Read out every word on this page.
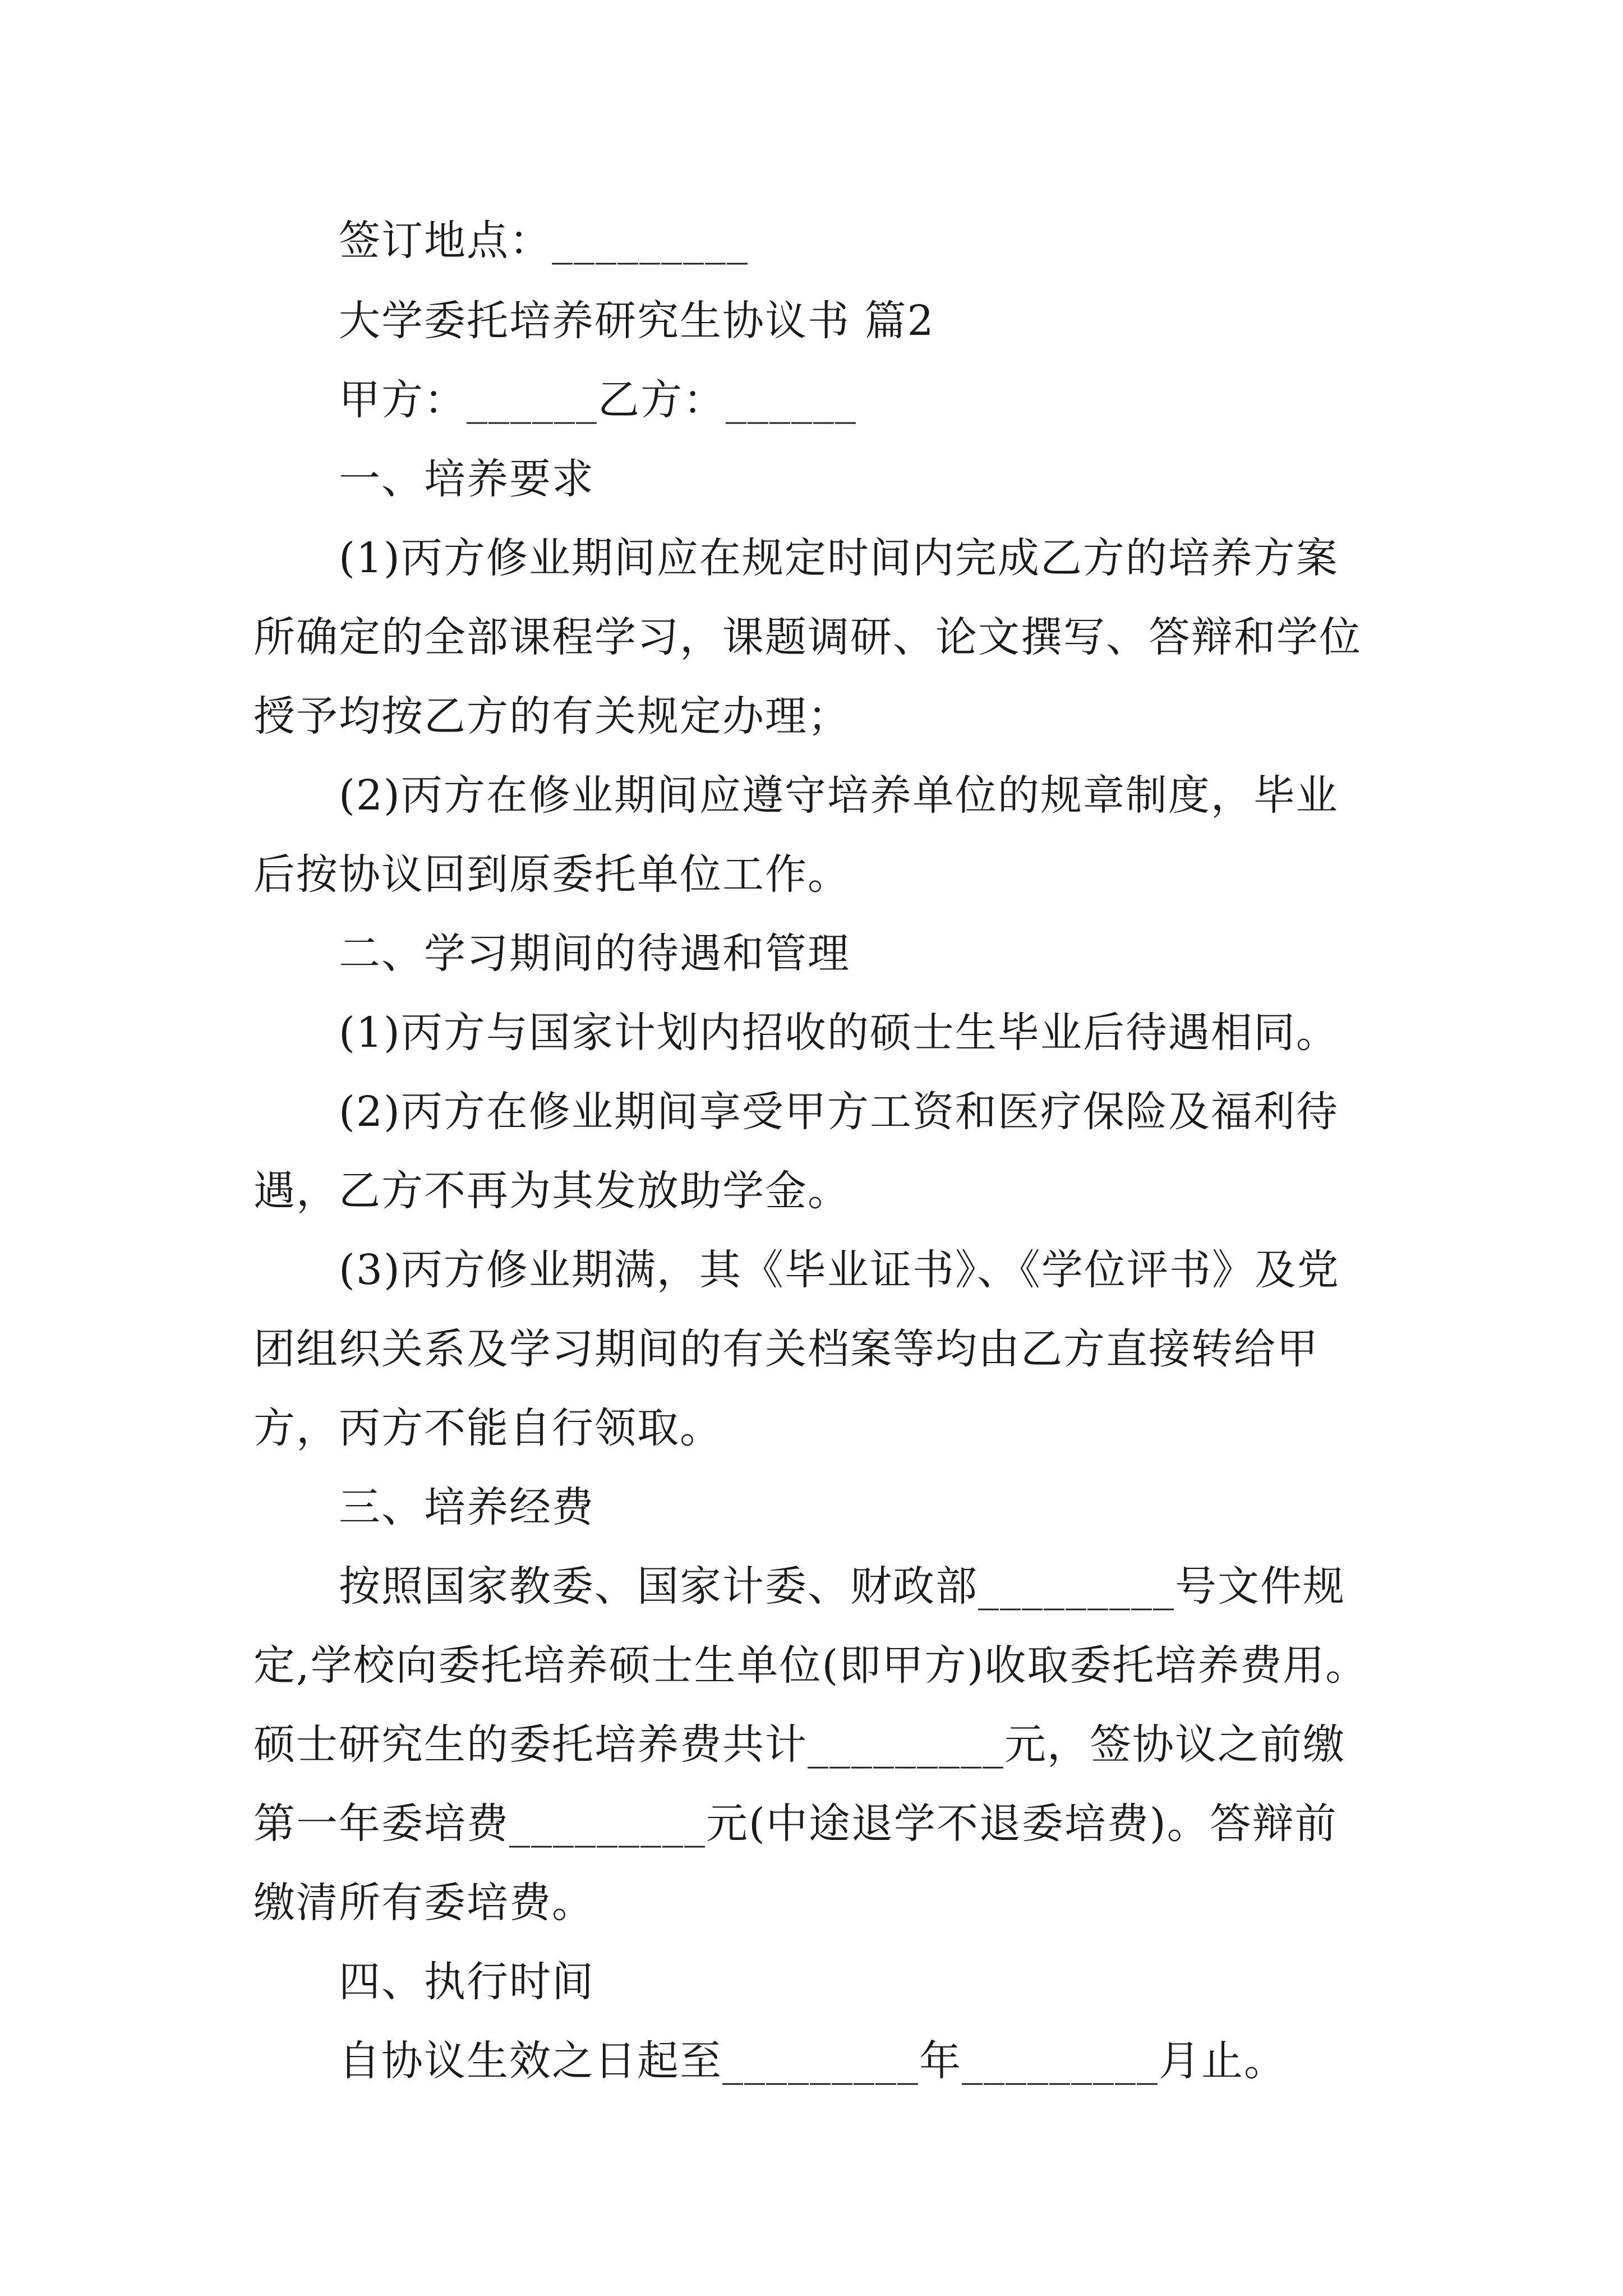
签订地点：_________
大学委托培养研究生协议书 篇2
甲方：______乙方：______
一、培养要求
(1)丙方修业期间应在规定时间内完成乙方的培养方案
所确定的全部课程学习，课题调研、论文撰写、答辩和学位
授予均按乙方的有关规定办理；
(2)丙方在修业期间应遵守培养单位的规章制度，毕业
后按协议回到原委托单位工作。
二、学习期间的待遇和管理
(1)丙方与国家计划内招收的硕士生毕业后待遇相同。
(2)丙方在修业期间享受甲方工资和医疗保险及福利待
遇，乙方不再为其发放助学金。
(3)丙方修业期满，其《毕业证书》、《学位评书》及党
团组织关系及学习期间的有关档案等均由乙方直接转给甲
方，丙方不能自行领取。
三、培养经费
按照国家教委、国家计委、财政部_________号文件规
定,学校向委托培养硕士生单位(即甲方)收取委托培养费用。
硕士研究生的委托培养费共计_________元，签协议之前缴
第一年委培费_________元(中途退学不退委培费)。答辩前
缴清所有委培费。
四、执行时间
自协议生效之日起至_________年_________月止。
